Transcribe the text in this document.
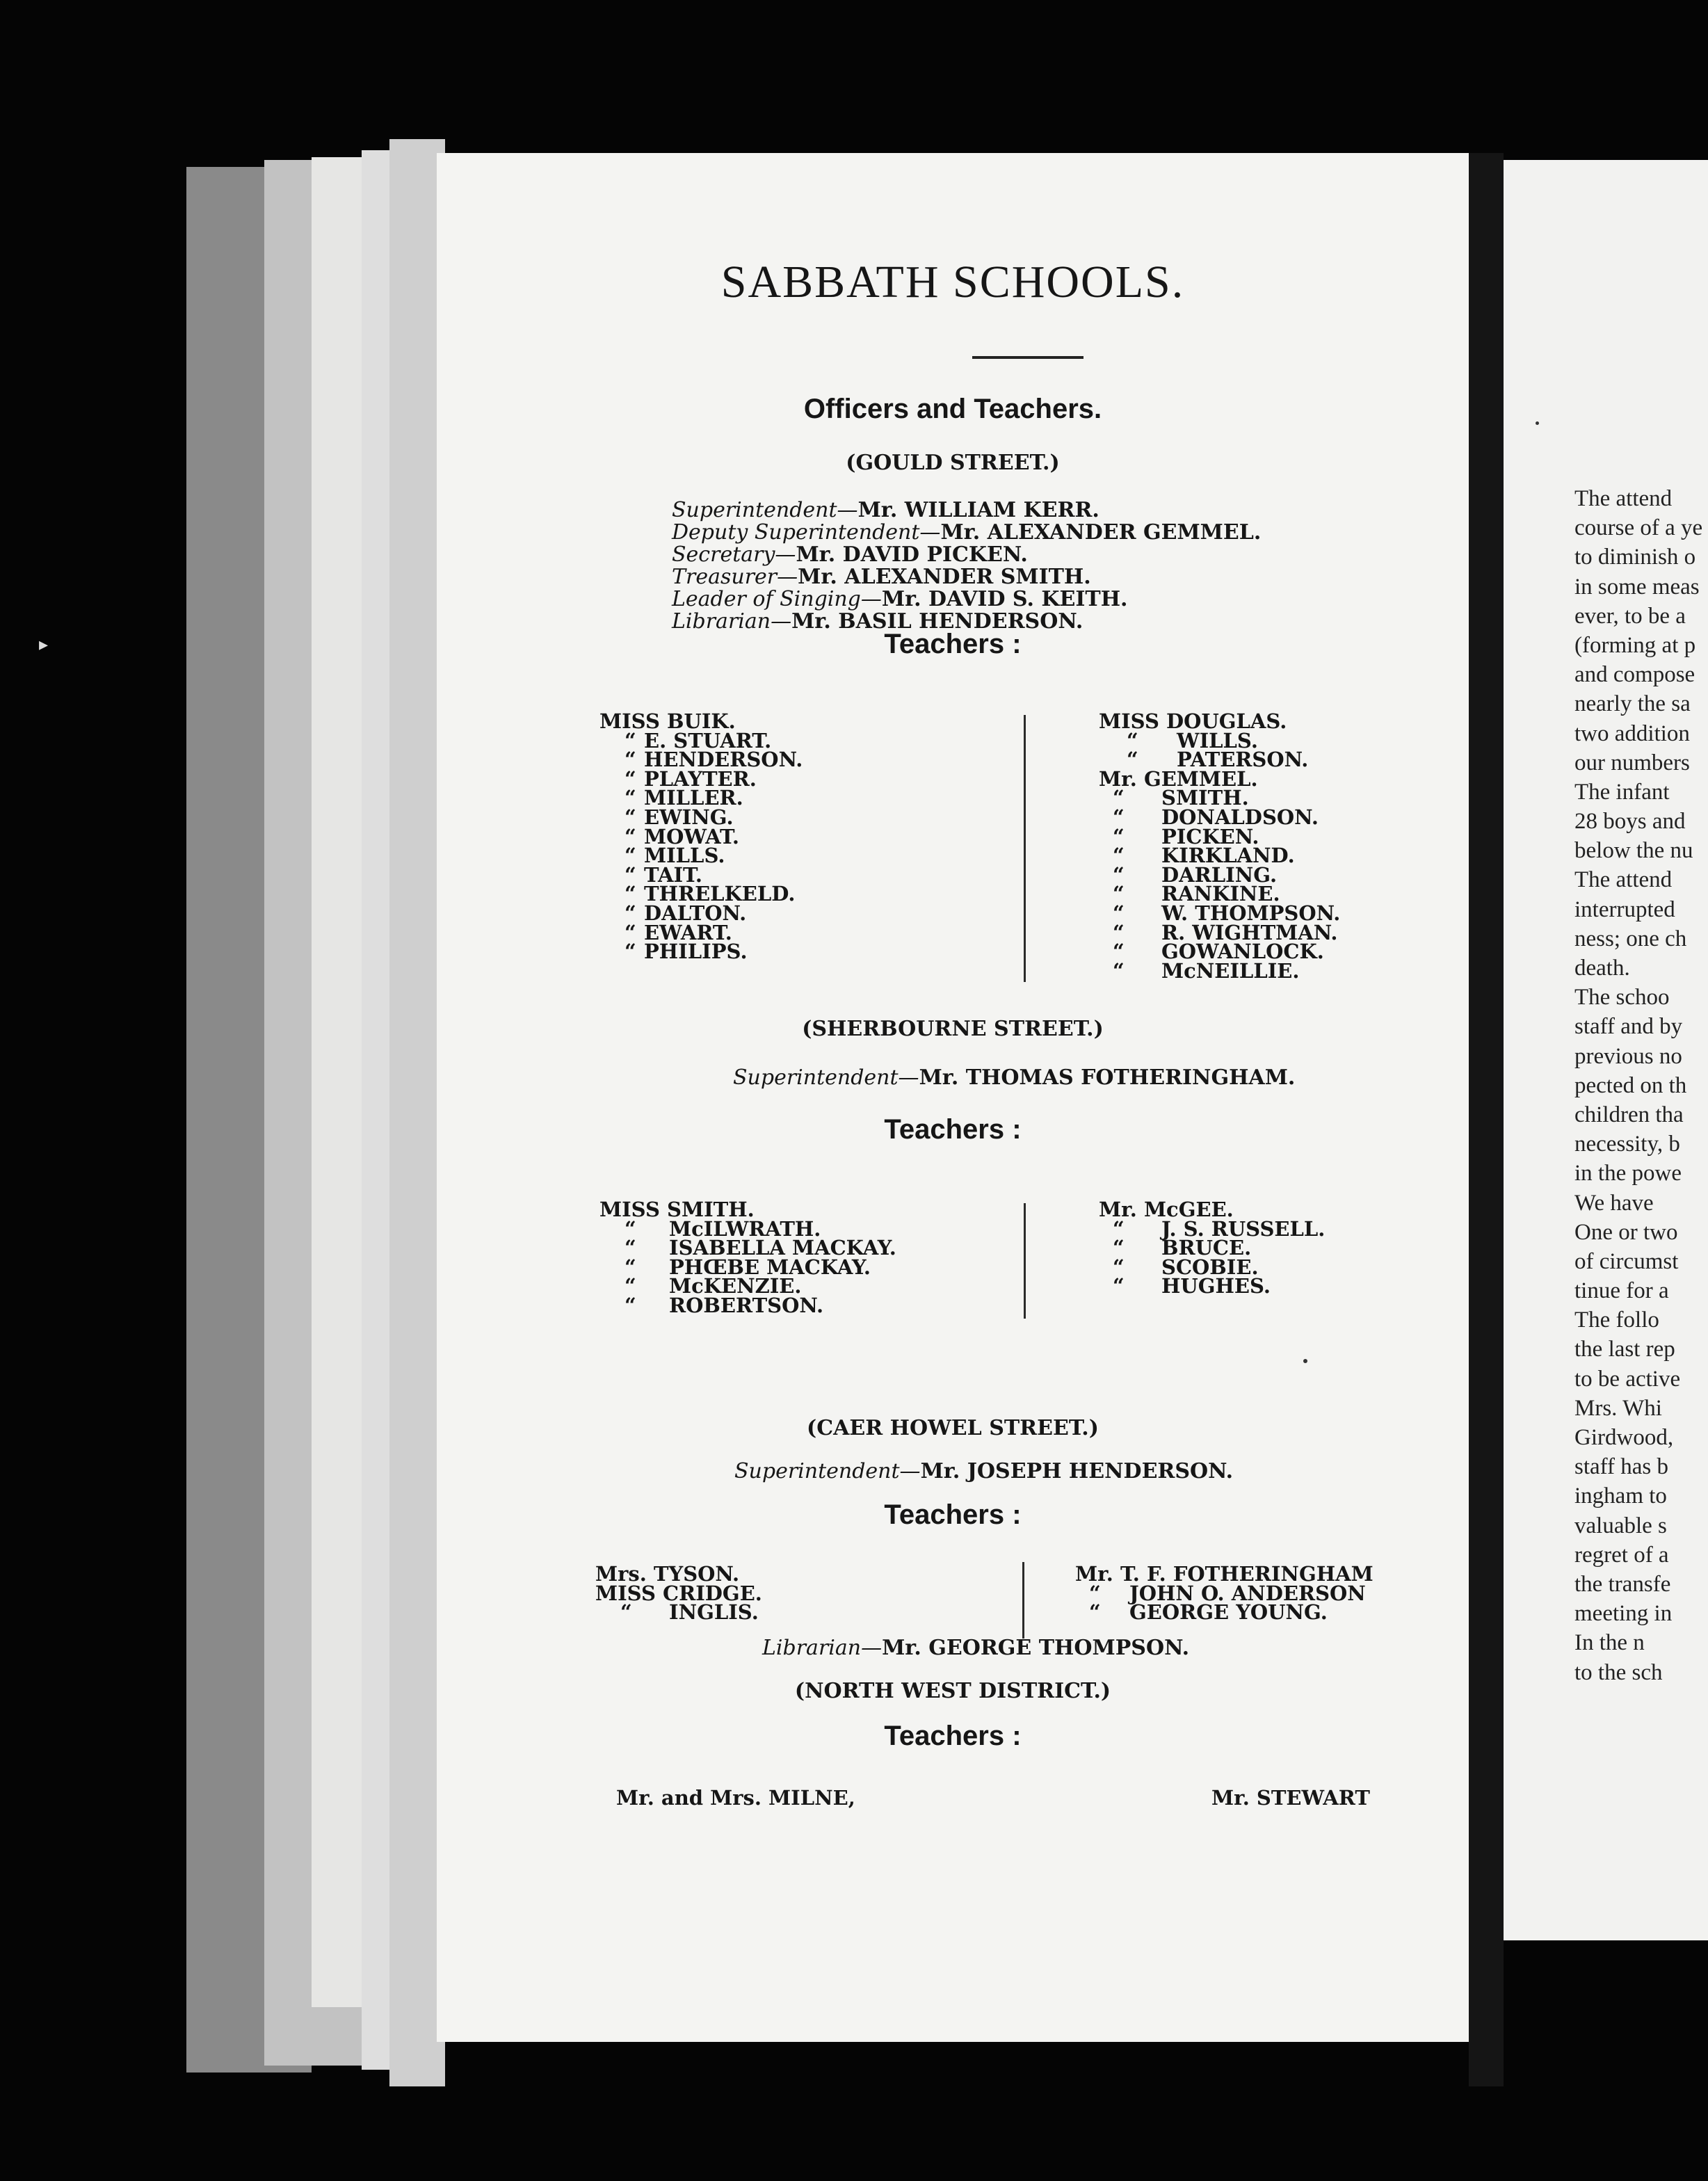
▸
SABBATH SCHOOLS.
Officers and Teachers.
(GOULD STREET.)
Superintendent—Mr. WILLIAM KERR.
Deputy Superintendent—Mr. ALEXANDER GEMMEL.
Secretary—Mr. DAVID PICKEN.
Treasurer—Mr. ALEXANDER SMITH.
Leader of Singing—Mr. DAVID S. KEITH.
Librarian—Mr. BASIL HENDERSON.
Teachers :
MISS BUIK.
“ E. STUART.
“ HENDERSON.
“ PLAYTER.
“ MILLER.
“ EWING.
“ MOWAT.
“ MILLS.
“ TAIT.
“ THRELKELD.
“ DALTON.
“ EWART.
“ PHILIPS.
MISS DOUGLAS.
“ WILLS.
“ PATERSON.
Mr. GEMMEL.
“ SMITH.
“ DONALDSON.
“ PICKEN.
“ KIRKLAND.
“ DARLING.
“ RANKINE.
“ W. THOMPSON.
“ R. WIGHTMAN.
“ GOWANLOCK.
“ McNEILLIE.
(SHERBOURNE STREET.)
Superintendent—Mr. THOMAS FOTHERINGHAM.
Teachers :
MISS SMITH.
“ McILWRATH.
“ ISABELLA MACKAY.
“ PHŒBE MACKAY.
“ McKENZIE.
“ ROBERTSON.
Mr. McGEE.
“ J. S. RUSSELL.
“ BRUCE.
“ SCOBIE.
“ HUGHES.
(CAER HOWEL STREET.)
Superintendent—Mr. JOSEPH HENDERSON.
Teachers :
Mrs. TYSON.
MISS CRIDGE.
“ INGLIS.
Mr. T. F. FOTHERINGHAM
“ JOHN O. ANDERSON
“ GEORGE YOUNG.
Librarian—Mr. GEORGE THOMPSON.
(NORTH WEST DISTRICT.)
Teachers :
Mr. and Mrs. MILNE,	Mr. STEWART
The attend
course of a ye
to diminish o
in some meas
ever, to be a
(forming at p
and compose
nearly the sa
two addition
our numbers
The infant
28 boys and
below the nu
The attend
interrupted
ness; one ch
death.
The schoo
staff and by
previous no
pected on th
children tha
necessity, b
in the powe
We have
One or two
of circumst
tinue for a
The follo
the last rep
to be active
Mrs. Whi
Girdwood,
staff has b
ingham to
valuable s
regret of a
the transfe
meeting in
In the n
to the sch
